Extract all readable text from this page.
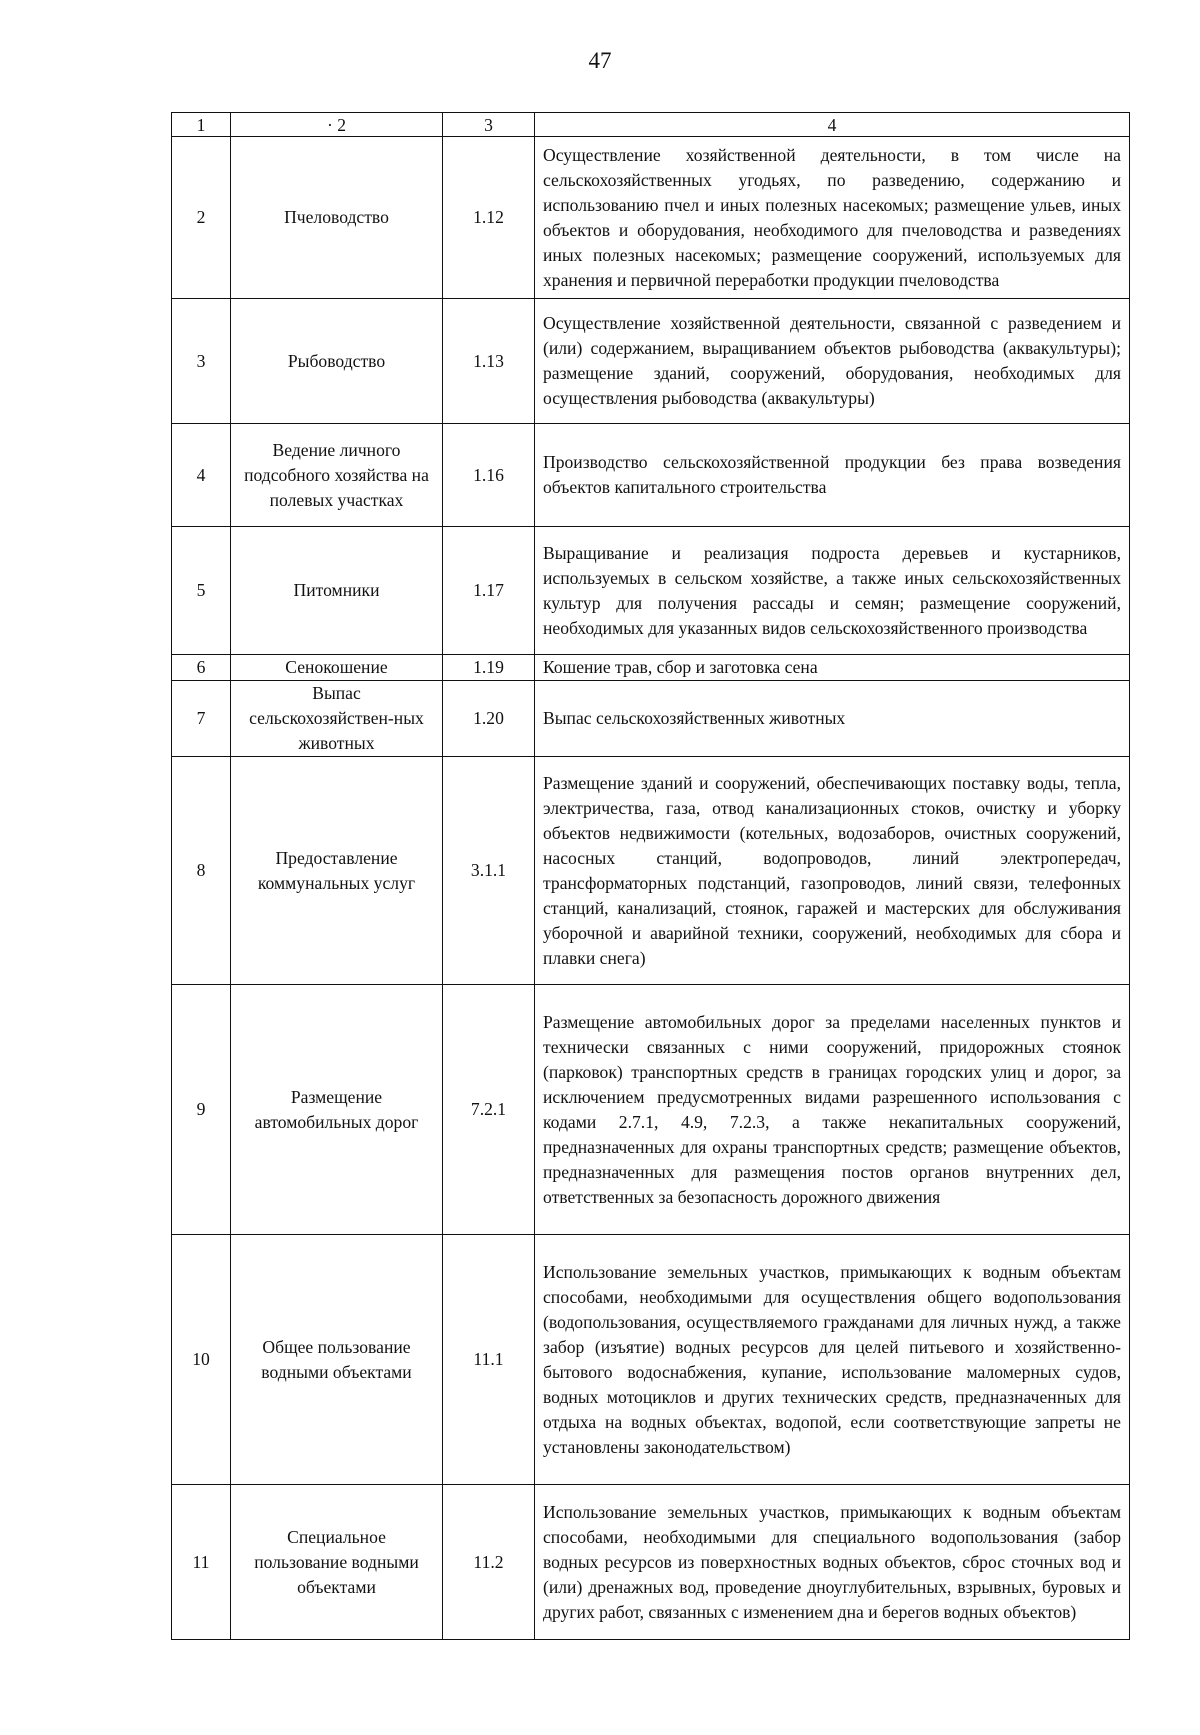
47
1	· 2	3	4
2	Пчеловодство	1.12	Осуществление хозяйственной деятельности, в том числе на сельскохозяйственных угодьях, по разведению, содержанию и использованию пчел и иных полезных насекомых; размещение ульев, иных объектов и оборудования, необходимого для пчеловодства и разведениях иных полезных насекомых; размещение сооружений, используемых для хранения и первичной переработки продукции пчеловодства
3	Рыбоводство	1.13	Осуществление хозяйственной деятельности, связанной с разведением и (или) содержанием, выращиванием объектов рыбоводства (аквакультуры); размещение зданий, сооружений, оборудования, необходимых для осуществления рыбоводства (аквакультуры)
4	Ведение личного подсобного хозяйства на полевых участках	1.16	Производство сельскохозяйственной продукции без права возведения объектов капитального строительства
5	Питомники	1.17	Выращивание и реализация подроста деревьев и кустарников, используемых в сельском хозяйстве, а также иных сельскохозяйственных культур для получения рассады и семян; размещение сооружений, необходимых для указанных видов сельскохозяйственного производства
6	Сенокошение	1.19	Кошение трав, сбор и заготовка сена
7	Выпас сельскохозяйствен-ных животных	1.20	Выпас сельскохозяйственных животных
8	Предоставление коммунальных услуг	3.1.1	Размещение зданий и сооружений, обеспечивающих поставку воды, тепла, электричества, газа, отвод канализационных стоков, очистку и уборку объектов недвижимости (котельных, водозаборов, очистных сооружений, насосных станций, водопроводов, линий электропередач, трансформаторных подстанций, газопроводов, линий связи, телефонных станций, канализаций, стоянок, гаражей и мастерских для обслуживания уборочной и аварийной техники, сооружений, необходимых для сбора и плавки снега)
9	Размещение автомобильных дорог	7.2.1	Размещение автомобильных дорог за пределами населенных пунктов и технически связанных с ними сооружений, придорожных стоянок (парковок) транспортных средств в границах городских улиц и дорог, за исключением предусмотренных видами разрешенного использования с кодами 2.7.1, 4.9, 7.2.3, а также некапитальных сооружений, предназначенных для охраны транспортных средств; размещение объектов, предназначенных для размещения постов органов внутренних дел, ответственных за безопасность дорожного движения
10	Общее пользование водными объектами	11.1	Использование земельных участков, примыкающих к водным объектам способами, необходимыми для осуществления общего водопользования (водопользования, осуществляемого гражданами для личных нужд, а также забор (изъятие) водных ресурсов для целей питьевого и хозяйственно-бытового водоснабжения, купание, использование маломерных судов, водных мотоциклов и других технических средств, предназначенных для отдыха на водных объектах, водопой, если соответствующие запреты не установлены законодательством)
11	Специальное пользование водными объектами	11.2	Использование земельных участков, примыкающих к водным объектам способами, необходимыми для специального водопользования (забор водных ресурсов из поверхностных водных объектов, сброс сточных вод и (или) дренажных вод, проведение дноуглубительных, взрывных, буровых и других работ, связанных с изменением дна и берегов водных объектов)
